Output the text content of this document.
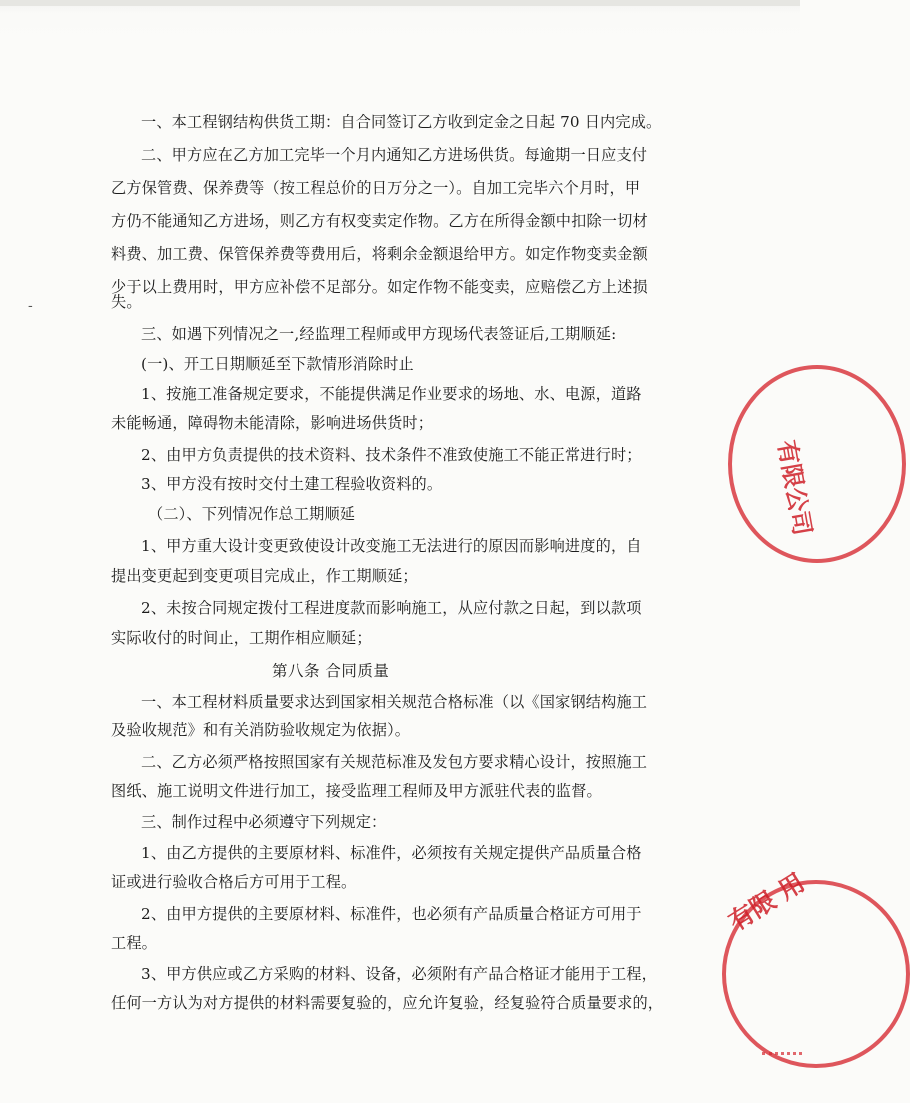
-
一、本工程钢结构供货工期：自合同签订乙方收到定金之日起 70 日内完成。
二、甲方应在乙方加工完毕一个月内通知乙方进场供货。每逾期一日应支付
乙方保管费、保养费等（按工程总价的日万分之一）。自加工完毕六个月时，甲
方仍不能通知乙方进场，则乙方有权变卖定作物。乙方在所得金额中扣除一切材
料费、加工费、保管保养费等费用后，将剩余金额退给甲方。如定作物变卖金额
少于以上费用时，甲方应补偿不足部分。如定作物不能变卖，应赔偿乙方上述损
失。
三、如遇下列情况之一,经监理工程师或甲方现场代表签证后,工期顺延:
(一)、开工日期顺延至下款情形消除时止
1、按施工准备规定要求，不能提供满足作业要求的场地、水、电源，道路
未能畅通，障碍物未能清除，影响进场供货时；
2、由甲方负责提供的技术资料、技术条件不准致使施工不能正常进行时；
3、甲方没有按时交付土建工程验收资料的。
（二）、下列情况作总工期顺延
1、甲方重大设计变更致使设计改变施工无法进行的原因而影响进度的，自
提出变更起到变更项目完成止，作工期顺延；
2、未按合同规定拨付工程进度款而影响施工，从应付款之日起，到以款项
实际收付的时间止，工期作相应顺延；
第八条 合同质量
一、本工程材料质量要求达到国家相关规范合格标准（以《国家钢结构施工
及验收规范》和有关消防验收规定为依据）。
二、乙方必须严格按照国家有关规范标准及发包方要求精心设计，按照施工
图纸、施工说明文件进行加工，接受监理工程师及甲方派驻代表的监督。
三、制作过程中必须遵守下列规定：
1、由乙方提供的主要原材料、标准件，必须按有关规定提供产品质量合格
证或进行验收合格后方可用于工程。
2、由甲方提供的主要原材料、标准件，也必须有产品质量合格证方可用于
工程。
3、甲方供应或乙方采购的材料、设备，必须附有产品合格证才能用于工程，
任何一方认为对方提供的材料需要复验的，应允许复验，经复验符合质量要求的，
有限公司
有限 用
